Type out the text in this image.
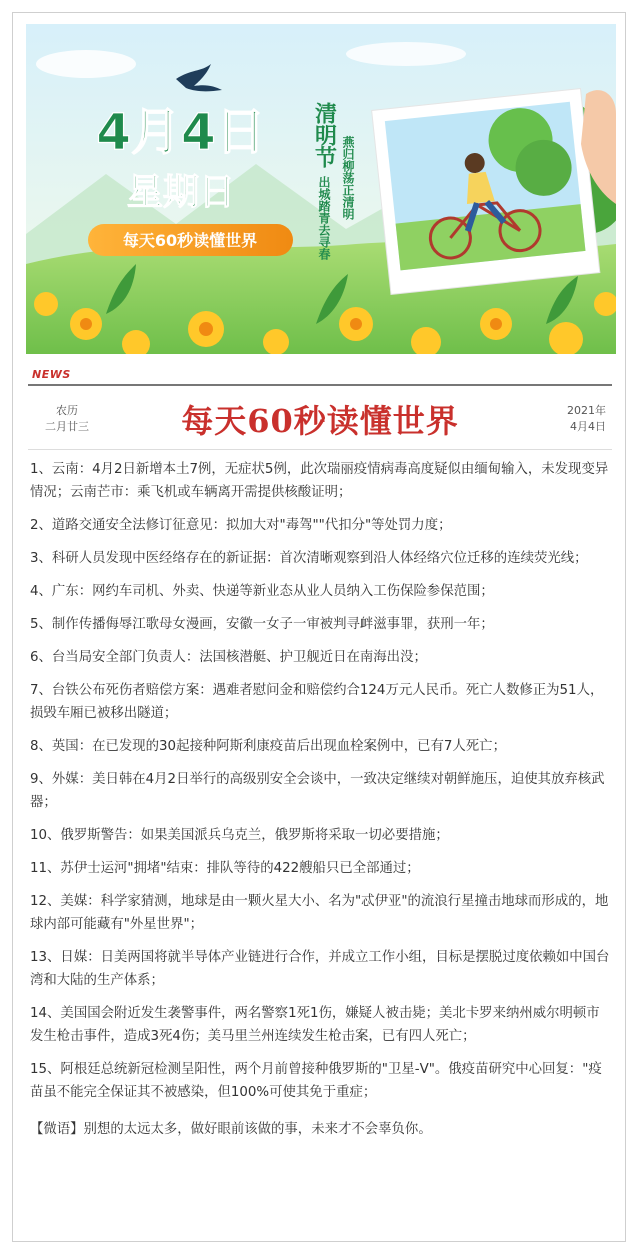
4月4日
星期日
每天60秒读懂世界
清明节
出城踏青去寻春 燕归柳荡正清明
NEWS
农历
二月廿三	每天60秒读懂世界	2021年
4月4日

1、云南：4月2日新增本土7例，无症状5例，此次瑞丽疫情病毒高度疑似由缅甸输入，未发现变异情况；云南芒市：乘飞机或车辆离开需提供核酸证明；

2、道路交通安全法修订征意见：拟加大对"毒驾""代扣分"等处罚力度；

3、科研人员发现中医经络存在的新证据：首次清晰观察到沿人体经络穴位迁移的连续荧光线；

4、广东：网约车司机、外卖、快递等新业态从业人员纳入工伤保险参保范围；

5、制作传播侮辱江歌母女漫画，安徽一女子一审被判寻衅滋事罪，获刑一年；

6、台当局安全部门负责人：法国核潜艇、护卫舰近日在南海出没；

7、台铁公布死伤者赔偿方案：遇难者慰问金和赔偿约合124万元人民币。死亡人数修正为51人，损毁车厢已被移出隧道；

8、英国：在已发现的30起接种阿斯利康疫苗后出现血栓案例中，已有7人死亡；

9、外媒：美日韩在4月2日举行的高级别安全会谈中，一致决定继续对朝鲜施压，迫使其放弃核武器；

10、俄罗斯警告：如果美国派兵乌克兰，俄罗斯将采取一切必要措施；

11、苏伊士运河"拥堵"结束：排队等待的422艘船只已全部通过；

12、美媒：科学家猜测，地球是由一颗火星大小、名为"忒伊亚"的流浪行星撞击地球而形成的，地球内部可能藏有"外星世界"；

13、日媒：日美两国将就半导体产业链进行合作，并成立工作小组，目标是摆脱过度依赖如中国台湾和大陆的生产体系；

14、美国国会附近发生袭警事件，两名警察1死1伤，嫌疑人被击毙；美北卡罗来纳州威尔明顿市发生枪击事件，造成3死4伤；美马里兰州连续发生枪击案，已有四人死亡；

15、阿根廷总统新冠检测呈阳性，两个月前曾接种俄罗斯的"卫星-V"。俄疫苗研究中心回复："疫苗虽不能完全保证其不被感染，但100%可使其免于重症；

【微语】别想的太远太多，做好眼前该做的事，未来才不会辜负你。
